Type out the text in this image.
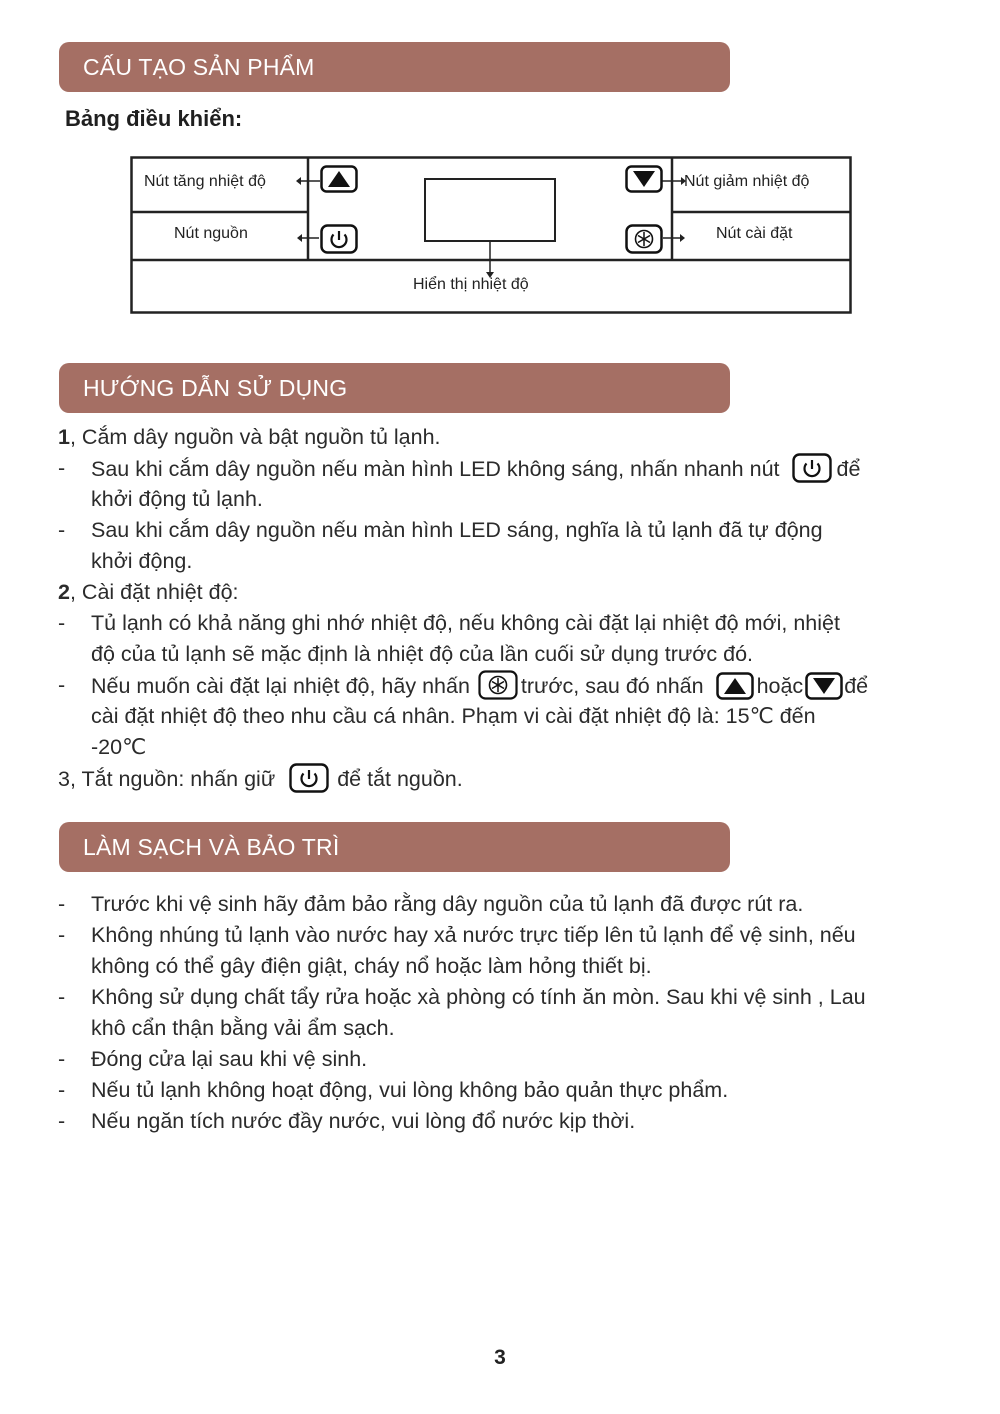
CẤU TẠO SẢN PHẨM
Bảng điều khiển:
Nút tăng nhiệt độ	Nút giảm nhiệt độ
Nút nguồn	Nút cài đặt
Hiển thị nhiệt độ
HƯỚNG DẪN SỬ DỤNG
1, Cắm dây nguồn và bật nguồn tủ lạnh.
- Sau khi cắm dây nguồn nếu màn hình LED không sáng, nhấn nhanh nút	để
khởi động tủ lạnh.
- Sau khi cắm dây nguồn nếu màn hình LED sáng, nghĩa là tủ lạnh đã tự động
khởi động.
2, Cài đặt nhiệt độ:
- Tủ lạnh có khả năng ghi nhớ nhiệt độ, nếu không cài đặt lại nhiệt độ mới, nhiệt
độ của tủ lạnh sẽ mặc định là nhiệt độ của lần cuối sử dụng trước đó.
- Nếu muốn cài đặt lại nhiệt độ, hãy nhấn trước, sau đó nhấn hoặc để
cài đặt nhiệt độ theo nhu cầu cá nhân. Phạm vi cài đặt nhiệt độ là: 15℃ đến
-20℃
3, Tắt nguồn: nhấn giữ	để tắt nguồn.
LÀM SẠCH VÀ BẢO TRÌ
- Trước khi vệ sinh hãy đảm bảo rằng dây nguồn của tủ lạnh đã được rút ra.
- Không nhúng tủ lạnh vào nước hay xả nước trực tiếp lên tủ lạnh để vệ sinh, nếu
không có thể gây điện giật, cháy nổ hoặc làm hỏng thiết bị.
- Không sử dụng chất tẩy rửa hoặc xà phòng có tính ăn mòn. Sau khi vệ sinh , Lau
khô cẩn thận bằng vải ẩm sạch.
- Đóng cửa lại sau khi vệ sinh.
- Nếu tủ lạnh không hoạt động, vui lòng không bảo quản thực phẩm.
- Nếu ngăn tích nước đầy nước, vui lòng đổ nước kịp thời.
3
